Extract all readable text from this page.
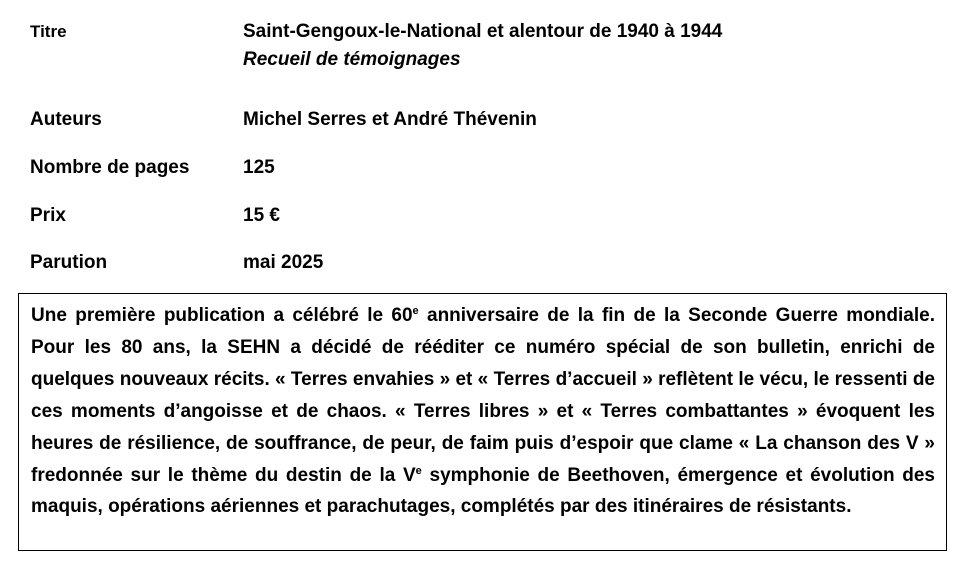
Titre	Saint-Gengoux-le-National et alentour de 1940 à 1944
Recueil de témoignages
Auteurs	Michel Serres et André Thévenin
Nombre de pages	125
Prix	15 €
Parution	mai 2025

Une première publication a célébré le 60e anniversaire de la fin de la Seconde Guerre mondiale. Pour les 80 ans, la SEHN a décidé de rééditer ce numéro spécial de son bulletin, enrichi de quelques nouveaux récits. « Terres envahies » et « Terres d’accueil » reflètent le vécu, le ressenti de ces moments d’angoisse et de chaos. « Terres libres » et « Terres combattantes » évoquent les heures de résilience, de souffrance, de peur, de faim puis d’espoir que clame « La chanson des V » fredonnée sur le thème du destin de la Ve symphonie de Beethoven, émergence et évolution des maquis, opérations aériennes et parachutages, complétés par des itinéraires de résistants.
